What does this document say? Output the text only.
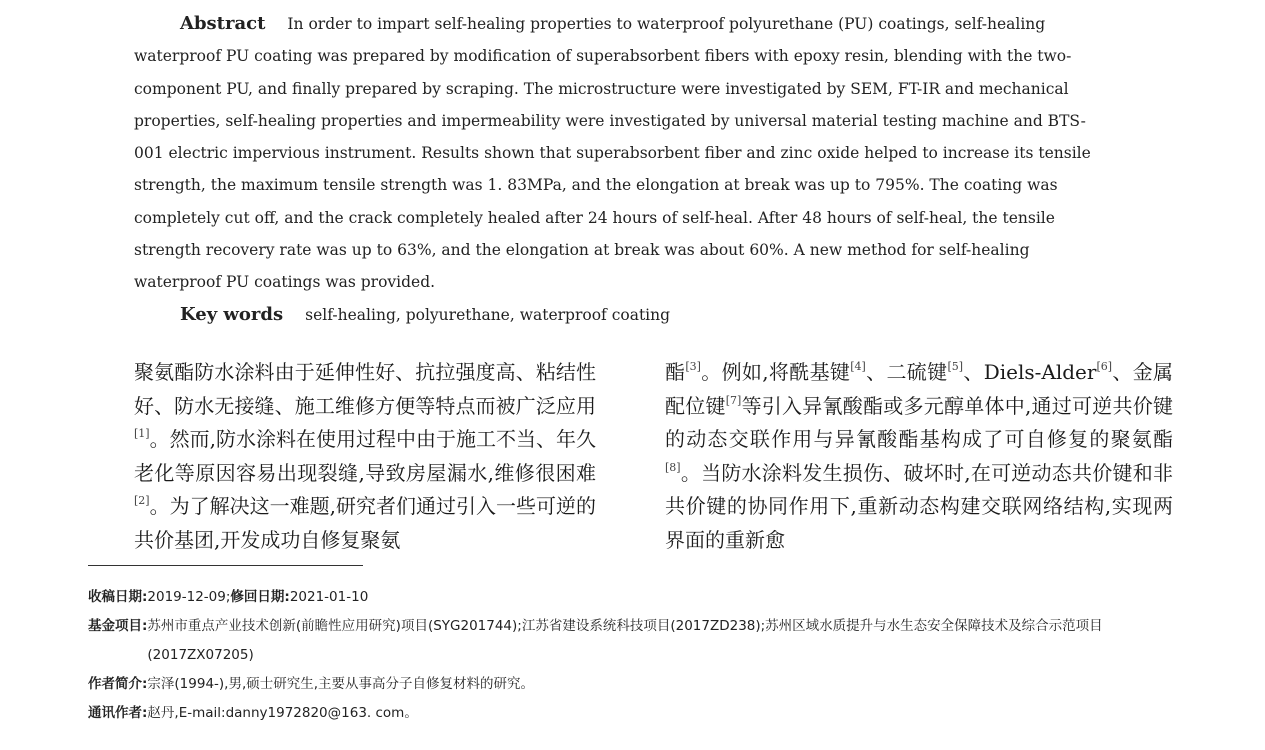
Abstract In order to impart self-healing properties to waterproof polyurethane (PU) coatings, self-healing
waterproof PU coating was prepared by modification of superabsorbent fibers with epoxy resin, blending with the two-
component PU, and finally prepared by scraping. The microstructure were investigated by SEM, FT-IR and mechanical
properties, self-healing properties and impermeability were investigated by universal material testing machine and BTS-
001 electric impervious instrument. Results shown that superabsorbent fiber and zinc oxide helped to increase its tensile
strength, the maximum tensile strength was 1. 83MPa, and the elongation at break was up to 795%. The coating was
completely cut off, and the crack completely healed after 24 hours of self-heal. After 48 hours of self-heal, the tensile
strength recovery rate was up to 63%, and the elongation at break was about 60%. A new method for self-healing
waterproof PU coatings was provided.
Key words self-healing, polyurethane, waterproof coating
聚氨酯防水涂料由于延伸性好、抗拉强度高、粘结性好、防水无接缝、施工维修方便等特点而被广泛应用[1]。然而,防水涂料在使用过程中由于施工不当、年久老化等原因容易出现裂缝,导致房屋漏水,维修很困难[2]。为了解决这一难题,研究者们通过引入一些可逆的共价基团,开发成功自修复聚氨
酯[3]。例如,将酰基键[4]、二硫键[5]、Diels-Alder[6]、金属配位键[7]等引入异氰酸酯或多元醇单体中,通过可逆共价键的动态交联作用与异氰酸酯基构成了可自修复的聚氨酯[8]。当防水涂料发生损伤、破坏时,在可逆动态共价键和非共价键的协同作用下,重新动态构建交联网络结构,实现两界面的重新愈
收稿日期: 2019-12-09; 修回日期: 2021-01-10
基金项目: 苏州市重点产业技术创新(前瞻性应用研究)项目(SYG201744);江苏省建设系统科技项目(2017ZD238);苏州区域水质提升与水生态安全保障技术及综合示范项目(2017ZX07205)
作者简介: 宗泽(1994-),男,硕士研究生,主要从事高分子自修复材料的研究。
通讯作者: 赵丹,E-mail:danny1972820@163. com。
